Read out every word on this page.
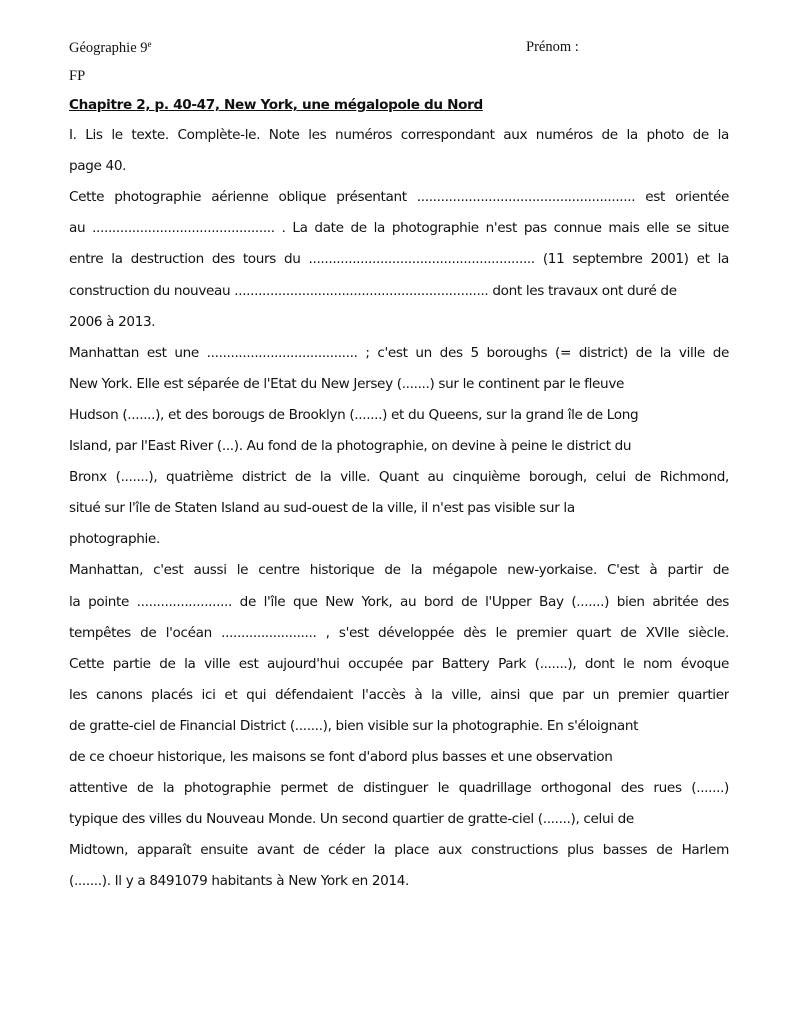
Géographie 9e	Prénom :
FP
Chapitre 2, p. 40-47, New York, une mégalopole du Nord
I. Lis le texte. Complète-le. Note les numéros correspondant aux numéros de la photo de la
page 40.
Cette photographie aérienne oblique présentant ....................................................... est orientée
au .............................................. . La date de la photographie n'est pas connue mais elle se situe
entre la destruction des tours du ......................................................... (11 septembre 2001) et la
construction du nouveau ................................................................ dont les travaux ont duré de
2006 à 2013.
Manhattan est une ...................................... ; c'est un des 5 boroughs (= district) de la ville de
New York. Elle est séparée de l'Etat du New Jersey (.......) sur le continent par le fleuve
Hudson (.......), et des borougs de Brooklyn (.......) et du Queens, sur la grand île de Long
Island, par l'East River (...). Au fond de la photographie, on devine à peine le district du
Bronx (.......), quatrième district de la ville. Quant au cinquième borough, celui de Richmond,
situé sur l'île de Staten Island au sud-ouest de la ville, il n'est pas visible sur la
photographie.
Manhattan, c'est aussi le centre historique de la mégapole new-yorkaise. C'est à partir de
la pointe ........................ de l'île que New York, au bord de l'Upper Bay (.......) bien abritée des
tempêtes de l'océan ........................ , s'est développée dès le premier quart de XVIIe siècle.
Cette partie de la ville est aujourd'hui occupée par Battery Park (.......), dont le nom évoque
les canons placés ici et qui défendaient l'accès à la ville, ainsi que par un premier quartier
de gratte-ciel de Financial District (.......), bien visible sur la photographie. En s'éloignant
de ce choeur historique, les maisons se font d'abord plus basses et une observation
attentive de la photographie permet de distinguer le quadrillage orthogonal des rues (.......)
typique des villes du Nouveau Monde. Un second quartier de gratte-ciel (.......), celui de
Midtown, apparaît ensuite avant de céder la place aux constructions plus basses de Harlem
(.......). Il y a 8491079 habitants à New York en 2014.
